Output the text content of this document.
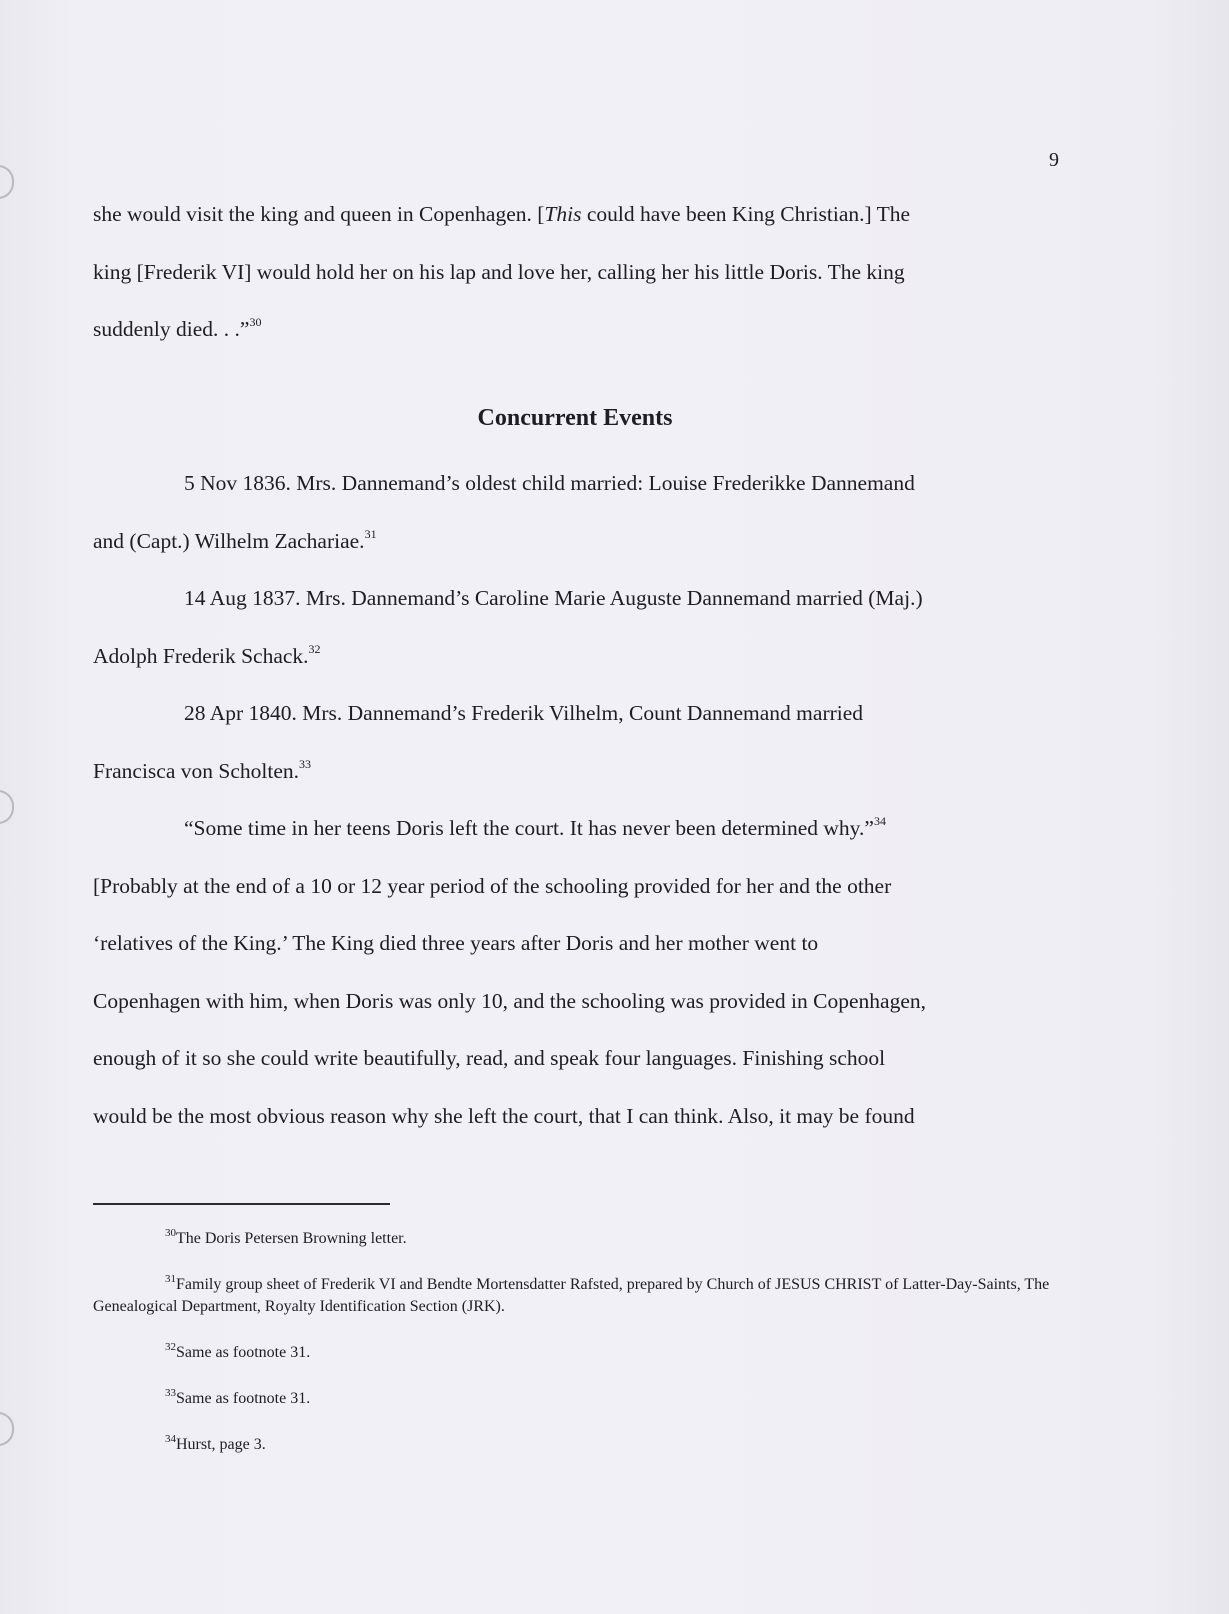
9
she would visit the king and queen in Copenhagen. [This could have been King Christian.] The
king [Frederik VI] would hold her on his lap and love her, calling her his little Doris. The king
suddenly died. . .”$^{30}$
Concurrent Events
5 Nov 1836. Mrs. Dannemand’s oldest child married: Louise Frederikke Dannemand
and (Capt.) Wilhelm Zachariae.$^{31}$
14 Aug 1837. Mrs. Dannemand’s Caroline Marie Auguste Dannemand married (Maj.)
Adolph Frederik Schack.$^{32}$
28 Apr 1840. Mrs. Dannemand’s Frederik Vilhelm, Count Dannemand married
Francisca von Scholten.$^{33}$
“Some time in her teens Doris left the court. It has never been determined why.”$^{34}$
[Probably at the end of a 10 or 12 year period of the schooling provided for her and the other
‘relatives of the King.’ The King died three years after Doris and her mother went to
Copenhagen with him, when Doris was only 10, and the schooling was provided in Copenhagen,
enough of it so she could write beautifully, read, and speak four languages. Finishing school
would be the most obvious reason why she left the court, that I can think. Also, it may be found

$^{30}$The Doris Petersen Browning letter.

$^{31}$Family group sheet of Frederik VI and Bendte Mortensdatter Rafsted, prepared by Church of JESUS CHRIST of Latter-Day-Saints, The Genealogical Department, Royalty Identification Section (JRK).

$^{32}$Same as footnote 31.

$^{33}$Same as footnote 31.

$^{34}$Hurst, page 3.
